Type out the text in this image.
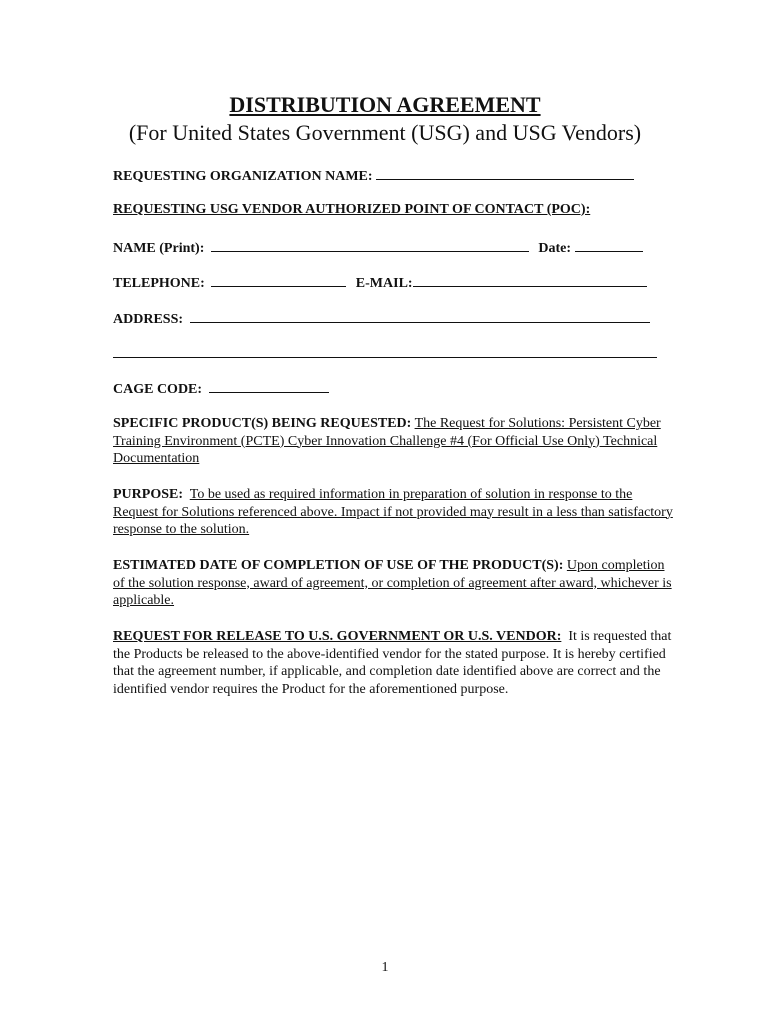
DISTRIBUTION AGREEMENT
(For United States Government (USG) and USG Vendors)
REQUESTING ORGANIZATION NAME:
REQUESTING USG VENDOR AUTHORIZED POINT OF CONTACT (POC):
NAME (Print):	Date:
TELEPHONE:	E-MAIL:
ADDRESS:
CAGE CODE:
SPECIFIC PRODUCT(S) BEING REQUESTED: The Request for Solutions: Persistent Cyber Training Environment (PCTE) Cyber Innovation Challenge #4 (For Official Use Only) Technical Documentation
PURPOSE: To be used as required information in preparation of solution in response to the Request for Solutions referenced above. Impact if not provided may result in a less than satisfactory response to the solution.
ESTIMATED DATE OF COMPLETION OF USE OF THE PRODUCT(S): Upon completion of the solution response, award of agreement, or completion of agreement after award, whichever is applicable.
REQUEST FOR RELEASE TO U.S. GOVERNMENT OR U.S. VENDOR: It is requested that the Products be released to the above-identified vendor for the stated purpose. It is hereby certified that the agreement number, if applicable, and completion date identified above are correct and the identified vendor requires the Product for the aforementioned purpose.
1
